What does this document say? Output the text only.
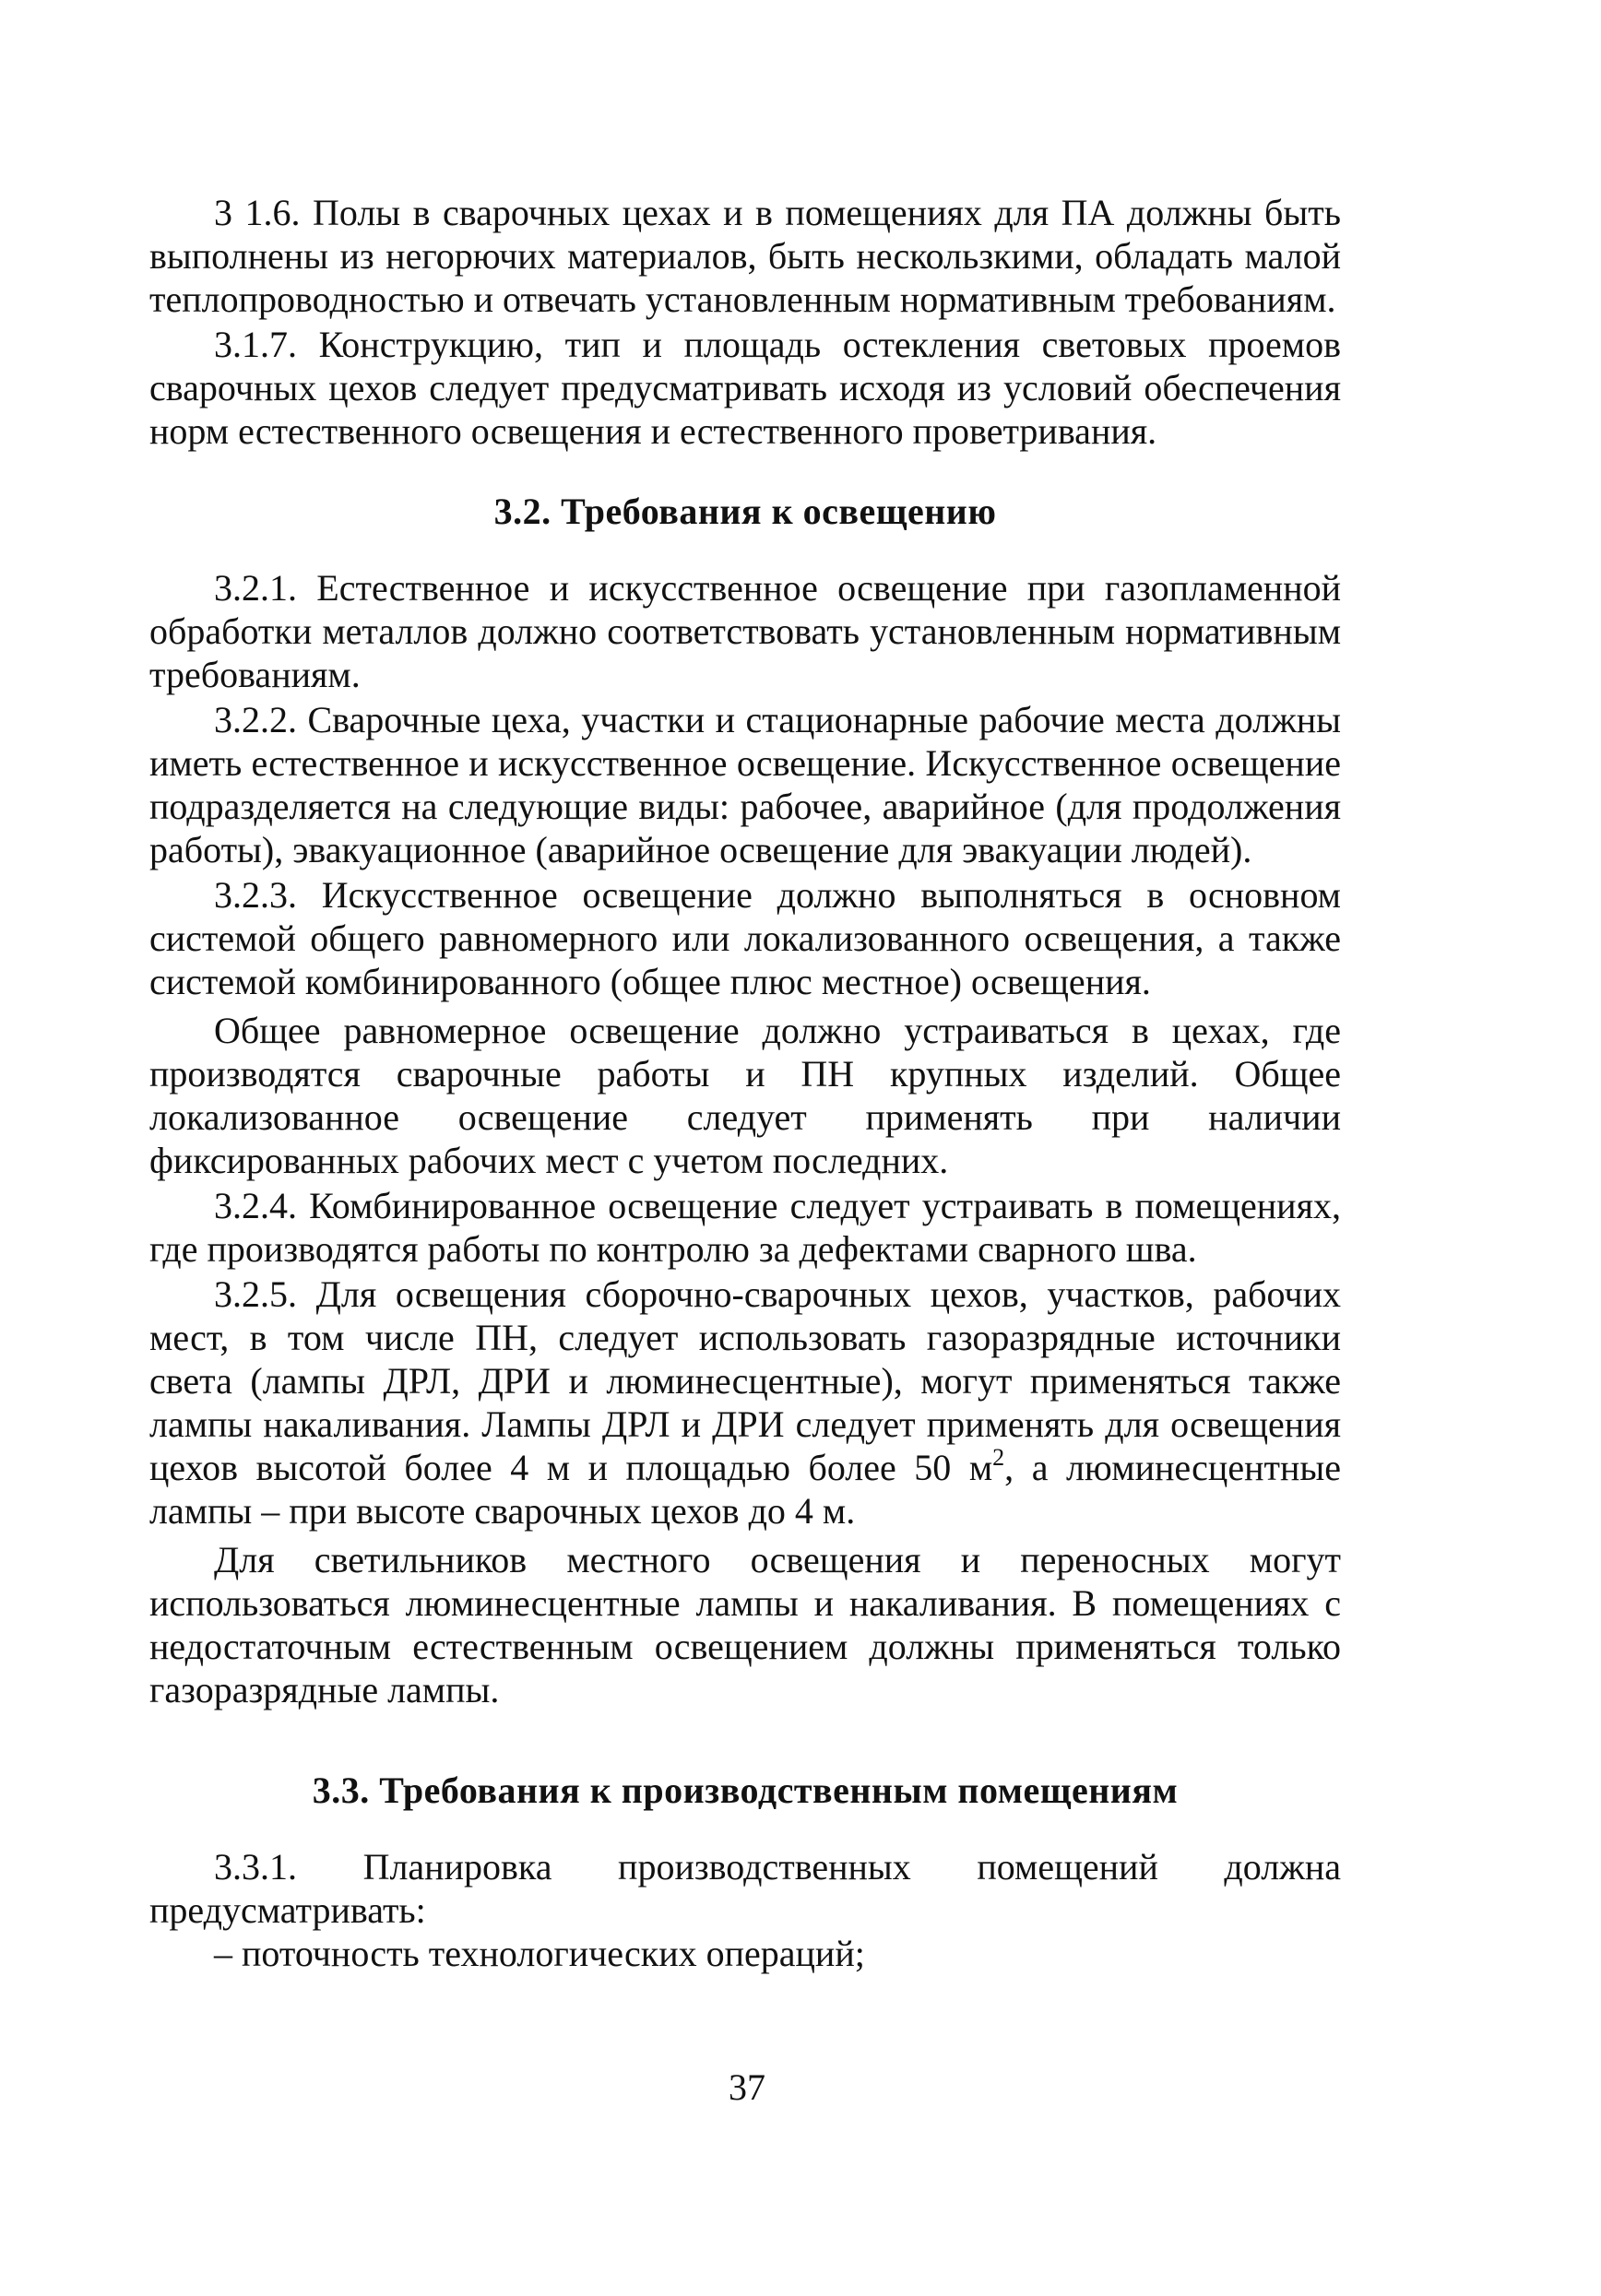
3 1.6. Полы в сварочных цехах и в помещениях для ПА должны быть выполнены из негорючих материалов, быть нескользкими, обладать малой теплопроводностью и отвечать установленным нормативным требованиям.

3.1.7. Конструкцию, тип и площадь остекления световых проемов сварочных цехов следует предусматривать исходя из условий обеспечения норм естественного освещения и естественного проветривания.

3.2. Требования к освещению

3.2.1. Естественное и искусственное освещение при газопламенной обработки металлов должно соответствовать установленным нормативным требованиям.

3.2.2. Сварочные цеха, участки и стационарные рабочие места должны иметь естественное и искусственное освещение. Искусственное освещение подразделяется на следующие виды: рабочее, аварийное (для продолжения работы), эвакуационное (аварийное освещение для эвакуации людей).

3.2.3. Искусственное освещение должно выполняться в основном системой общего равномерного или локализованного освещения, а также системой комбинированного (общее плюс местное) освещения.

Общее равномерное освещение должно устраиваться в цехах, где производятся сварочные работы и ПН крупных изделий. Общее локализованное освещение следует применять при наличии фиксированных рабочих мест с учетом последних.

3.2.4. Комбинированное освещение следует устраивать в помещениях, где производятся работы по контролю за дефектами сварного шва.

3.2.5. Для освещения сборочно-сварочных цехов, участков, рабочих мест, в том числе ПН, следует использовать газоразрядные источники света (лампы ДРЛ, ДРИ и люминесцентные), могут применяться также лампы накаливания. Лампы ДРЛ и ДРИ следует применять для освещения цехов высотой более 4 м и площадью более 50 $м^2$, а люминесцентные лампы – при высоте сварочных цехов до 4 м.

Для светильников местного освещения и переносных могут использоваться люминесцентные лампы и накаливания. В помещениях с недостаточным естественным освещением должны применяться только газоразрядные лампы.

3.3. Требования к производственным помещениям

3.3.1. Планировка производственных помещений должна предусматривать:

– поточность технологических операций;

37
